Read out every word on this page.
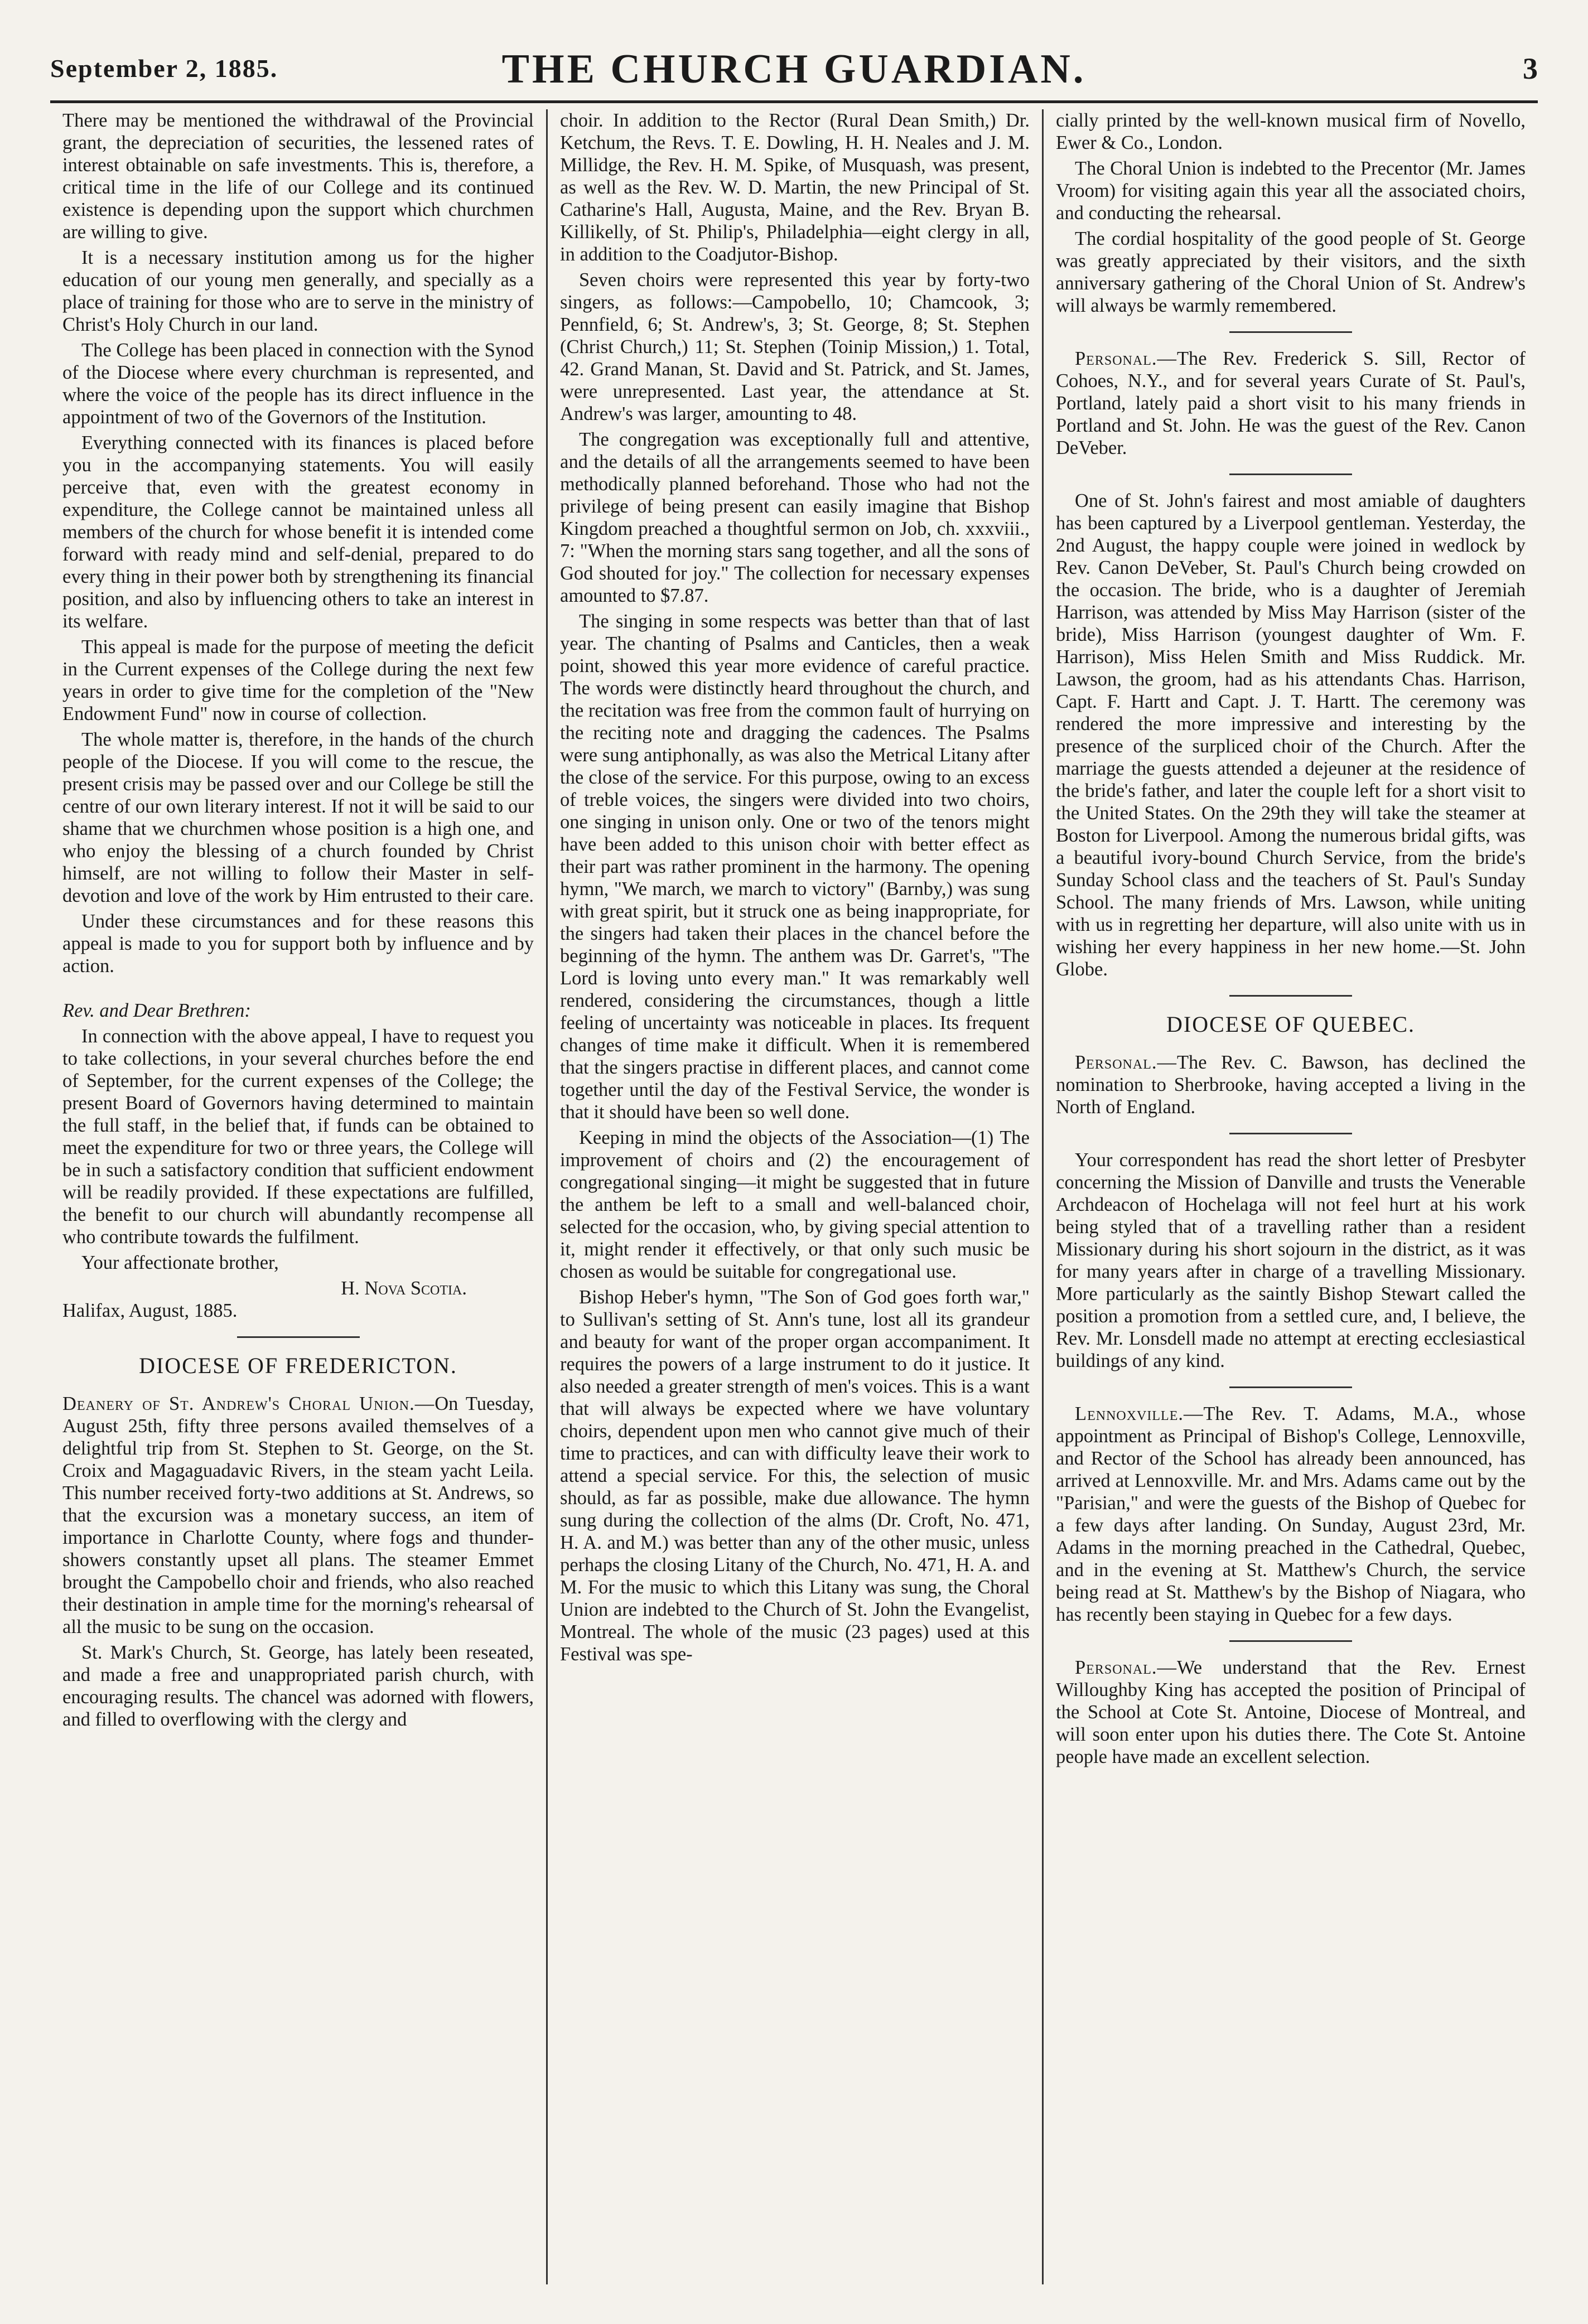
September 2, 1885.	THE CHURCH GUARDIAN.	3

There may be mentioned the withdrawal of the Provincial grant, the depreciation of securities, the lessened rates of interest obtainable on safe investments. This is, therefore, a critical time in the life of our College and its continued existence is depending upon the support which churchmen are willing to give.

It is a necessary institution among us for the higher education of our young men generally, and specially as a place of training for those who are to serve in the ministry of Christ's Holy Church in our land.

The College has been placed in connection with the Synod of the Diocese where every churchman is represented, and where the voice of the people has its direct influence in the appointment of two of the Governors of the Institution.

Everything connected with its finances is placed before you in the accompanying statements. You will easily perceive that, even with the greatest economy in expenditure, the College cannot be maintained unless all members of the church for whose benefit it is intended come forward with ready mind and self-denial, prepared to do every thing in their power both by strengthening its financial position, and also by influencing others to take an interest in its welfare.

This appeal is made for the purpose of meeting the deficit in the Current expenses of the College during the next few years in order to give time for the completion of the "New Endowment Fund" now in course of collection.

The whole matter is, therefore, in the hands of the church people of the Diocese. If you will come to the rescue, the present crisis may be passed over and our College be still the centre of our own literary interest. If not it will be said to our shame that we churchmen whose position is a high one, and who enjoy the blessing of a church founded by Christ himself, are not willing to follow their Master in self-devotion and love of the work by Him entrusted to their care.

Under these circumstances and for these reasons this appeal is made to you for support both by influence and by action.

Rev. and Dear Brethren:

In connection with the above appeal, I have to request you to take collections, in your several churches before the end of September, for the current expenses of the College; the present Board of Governors having determined to maintain the full staff, in the belief that, if funds can be obtained to meet the expenditure for two or three years, the College will be in such a satisfactory condition that sufficient endowment will be readily provided. If these expectations are fulfilled, the benefit to our church will abundantly recompense all who contribute towards the fulfilment.

Your affectionate brother,

H. Nova Scotia.
Halifax, August, 1885.

DIOCESE OF FREDERICTON.

Deanery of St. Andrew's Choral Union.—On Tuesday, August 25th, fifty three persons availed themselves of a delightful trip from St. Stephen to St. George, on the St. Croix and Magaguadavic Rivers, in the steam yacht Leila. This number received forty-two additions at St. Andrews, so that the excursion was a monetary success, an item of importance in Charlotte County, where fogs and thunder-showers constantly upset all plans. The steamer Emmet brought the Campobello choir and friends, who also reached their destination in ample time for the morning's rehearsal of all the music to be sung on the occasion.

St. Mark's Church, St. George, has lately been reseated, and made a free and unappropriated parish church, with encouraging results. The chancel was adorned with flowers, and filled to overflowing with the clergy and

choir. In addition to the Rector (Rural Dean Smith,) Dr. Ketchum, the Revs. T. E. Dowling, H. H. Neales and J. M. Millidge, the Rev. H. M. Spike, of Musquash, was present, as well as the Rev. W. D. Martin, the new Principal of St. Catharine's Hall, Augusta, Maine, and the Rev. Bryan B. Killikelly, of St. Philip's, Philadelphia—eight clergy in all, in addition to the Coadjutor-Bishop.

Seven choirs were represented this year by forty-two singers, as follows:—Campobello, 10; Chamcook, 3; Pennfield, 6; St. Andrew's, 3; St. George, 8; St. Stephen (Christ Church,) 11; St. Stephen (Toinip Mission,) 1. Total, 42. Grand Manan, St. David and St. Patrick, and St. James, were unrepresented. Last year, the attendance at St. Andrew's was larger, amounting to 48.

The congregation was exceptionally full and attentive, and the details of all the arrangements seemed to have been methodically planned beforehand. Those who had not the privilege of being present can easily imagine that Bishop Kingdom preached a thoughtful sermon on Job, ch. xxxviii., 7: "When the morning stars sang together, and all the sons of God shouted for joy." The collection for necessary expenses amounted to $7.87.

The singing in some respects was better than that of last year. The chanting of Psalms and Canticles, then a weak point, showed this year more evidence of careful practice. The words were distinctly heard throughout the church, and the recitation was free from the common fault of hurrying on the reciting note and dragging the cadences. The Psalms were sung antiphonally, as was also the Metrical Litany after the close of the service. For this purpose, owing to an excess of treble voices, the singers were divided into two choirs, one singing in unison only. One or two of the tenors might have been added to this unison choir with better effect as their part was rather prominent in the harmony. The opening hymn, "We march, we march to victory" (Barnby,) was sung with great spirit, but it struck one as being inappropriate, for the singers had taken their places in the chancel before the beginning of the hymn. The anthem was Dr. Garret's, "The Lord is loving unto every man." It was remarkably well rendered, considering the circumstances, though a little feeling of uncertainty was noticeable in places. Its frequent changes of time make it difficult. When it is remembered that the singers practise in different places, and cannot come together until the day of the Festival Service, the wonder is that it should have been so well done.

Keeping in mind the objects of the Association—(1) The improvement of choirs and (2) the encouragement of congregational singing—it might be suggested that in future the anthem be left to a small and well-balanced choir, selected for the occasion, who, by giving special attention to it, might render it effectively, or that only such music be chosen as would be suitable for congregational use.

Bishop Heber's hymn, "The Son of God goes forth war," to Sullivan's setting of St. Ann's tune, lost all its grandeur and beauty for want of the proper organ accompaniment. It requires the powers of a large instrument to do it justice. It also needed a greater strength of men's voices. This is a want that will always be expected where we have voluntary choirs, dependent upon men who cannot give much of their time to practices, and can with difficulty leave their work to attend a special service. For this, the selection of music should, as far as possible, make due allowance. The hymn sung during the collection of the alms (Dr. Croft, No. 471, H. A. and M.) was better than any of the other music, unless perhaps the closing Litany of the Church, No. 471, H. A. and M. For the music to which this Litany was sung, the Choral Union are indebted to the Church of St. John the Evangelist, Montreal. The whole of the music (23 pages) used at this Festival was spe-

cially printed by the well-known musical firm of Novello, Ewer & Co., London.

The Choral Union is indebted to the Precentor (Mr. James Vroom) for visiting again this year all the associated choirs, and conducting the rehearsal.

The cordial hospitality of the good people of St. George was greatly appreciated by their visitors, and the sixth anniversary gathering of the Choral Union of St. Andrew's will always be warmly remembered.

Personal.—The Rev. Frederick S. Sill, Rector of Cohoes, N.Y., and for several years Curate of St. Paul's, Portland, lately paid a short visit to his many friends in Portland and St. John. He was the guest of the Rev. Canon DeVeber.

One of St. John's fairest and most amiable of daughters has been captured by a Liverpool gentleman. Yesterday, the 2nd August, the happy couple were joined in wedlock by Rev. Canon DeVeber, St. Paul's Church being crowded on the occasion. The bride, who is a daughter of Jeremiah Harrison, was attended by Miss May Harrison (sister of the bride), Miss Harrison (youngest daughter of Wm. F. Harrison), Miss Helen Smith and Miss Ruddick. Mr. Lawson, the groom, had as his attendants Chas. Harrison, Capt. F. Hartt and Capt. J. T. Hartt. The ceremony was rendered the more impressive and interesting by the presence of the surpliced choir of the Church. After the marriage the guests attended a dejeuner at the residence of the bride's father, and later the couple left for a short visit to the United States. On the 29th they will take the steamer at Boston for Liverpool. Among the numerous bridal gifts, was a beautiful ivory-bound Church Service, from the bride's Sunday School class and the teachers of St. Paul's Sunday School. The many friends of Mrs. Lawson, while uniting with us in regretting her departure, will also unite with us in wishing her every happiness in her new home.—St. John Globe.

DIOCESE OF QUEBEC.

Personal.—The Rev. C. Bawson, has declined the nomination to Sherbrooke, having accepted a living in the North of England.

Your correspondent has read the short letter of Presbyter concerning the Mission of Danville and trusts the Venerable Archdeacon of Hochelaga will not feel hurt at his work being styled that of a travelling rather than a resident Missionary during his short sojourn in the district, as it was for many years after in charge of a travelling Missionary. More particularly as the saintly Bishop Stewart called the position a promotion from a settled cure, and, I believe, the Rev. Mr. Lonsdell made no attempt at erecting ecclesiastical buildings of any kind.

Lennoxville.—The Rev. T. Adams, M.A., whose appointment as Principal of Bishop's College, Lennoxville, and Rector of the School has already been announced, has arrived at Lennoxville. Mr. and Mrs. Adams came out by the "Parisian," and were the guests of the Bishop of Quebec for a few days after landing. On Sunday, August 23rd, Mr. Adams in the morning preached in the Cathedral, Quebec, and in the evening at St. Matthew's Church, the service being read at St. Matthew's by the Bishop of Niagara, who has recently been staying in Quebec for a few days.

Personal.—We understand that the Rev. Ernest Willoughby King has accepted the position of Principal of the School at Cote St. Antoine, Diocese of Montreal, and will soon enter upon his duties there. The Cote St. Antoine people have made an excellent selection.
